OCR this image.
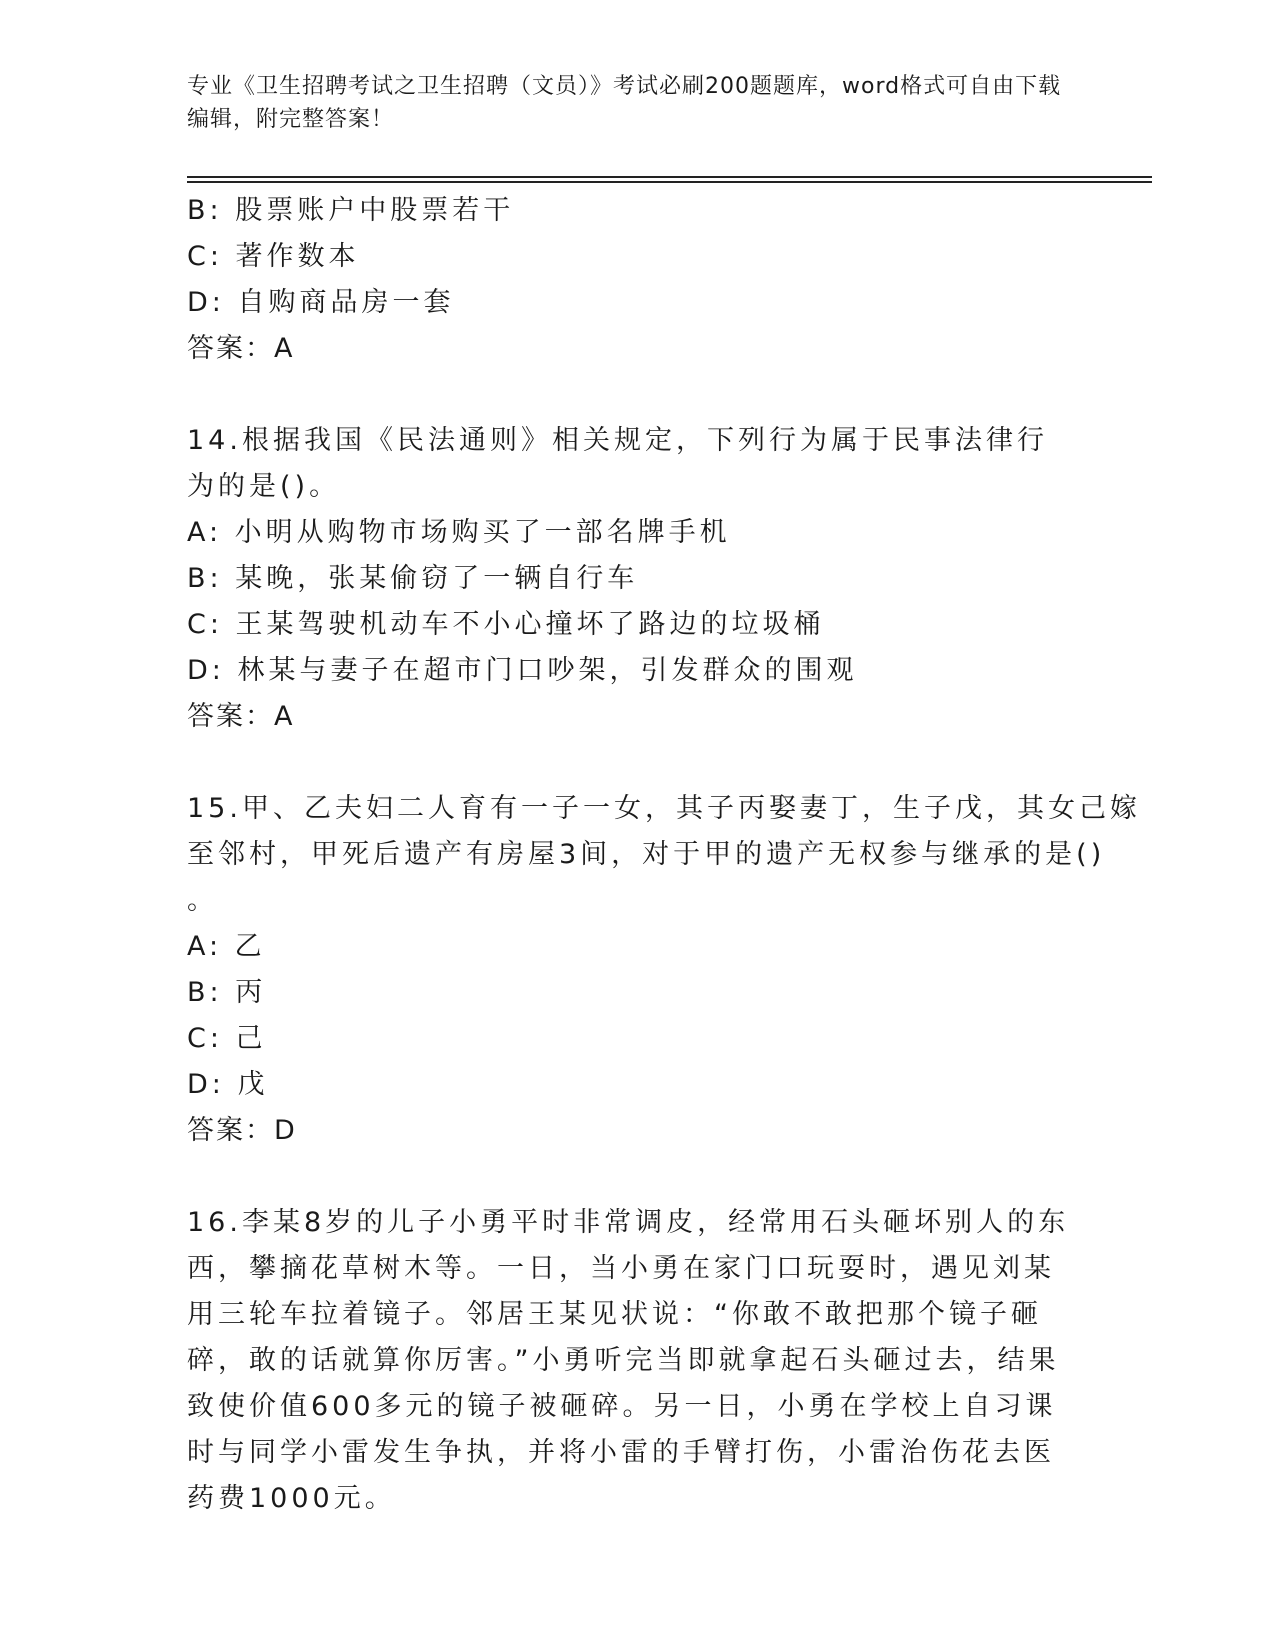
专业《卫生招聘考试之卫生招聘（文员）》考试必刷200题题库，word格式可自由下载编辑，附完整答案！
B: 股票账户中股票若干
C: 著作数本
D: 自购商品房一套
答案：A
14.根据我国《民法通则》相关规定，下列行为属于民事法律行为的是()。
A: 小明从购物市场购买了一部名牌手机
B: 某晚，张某偷窃了一辆自行车
C: 王某驾驶机动车不小心撞坏了路边的垃圾桶
D: 林某与妻子在超市门口吵架，引发群众的围观
答案：A
15.甲、乙夫妇二人育有一子一女，其子丙娶妻丁，生子戊，其女己嫁
至邻村，甲死后遗产有房屋3间，对于甲的遗产无权参与继承的是()
。
A: 乙
B: 丙
C: 己
D: 戊
答案：D
16.李某8岁的儿子小勇平时非常调皮，经常用石头砸坏别人的东西，攀摘花草树木等。一日，当小勇在家门口玩耍时，遇见刘某用三轮车拉着镜子。邻居王某见状说：“你敢不敢把那个镜子砸碎，敢的话就算你厉害。”小勇听完当即就拿起石头砸过去，结果致使价值600多元的镜子被砸碎。另一日，小勇在学校上自习课时与同学小雷发生争执，并将小雷的手臂打伤，小雷治伤花去医药费1000元。
